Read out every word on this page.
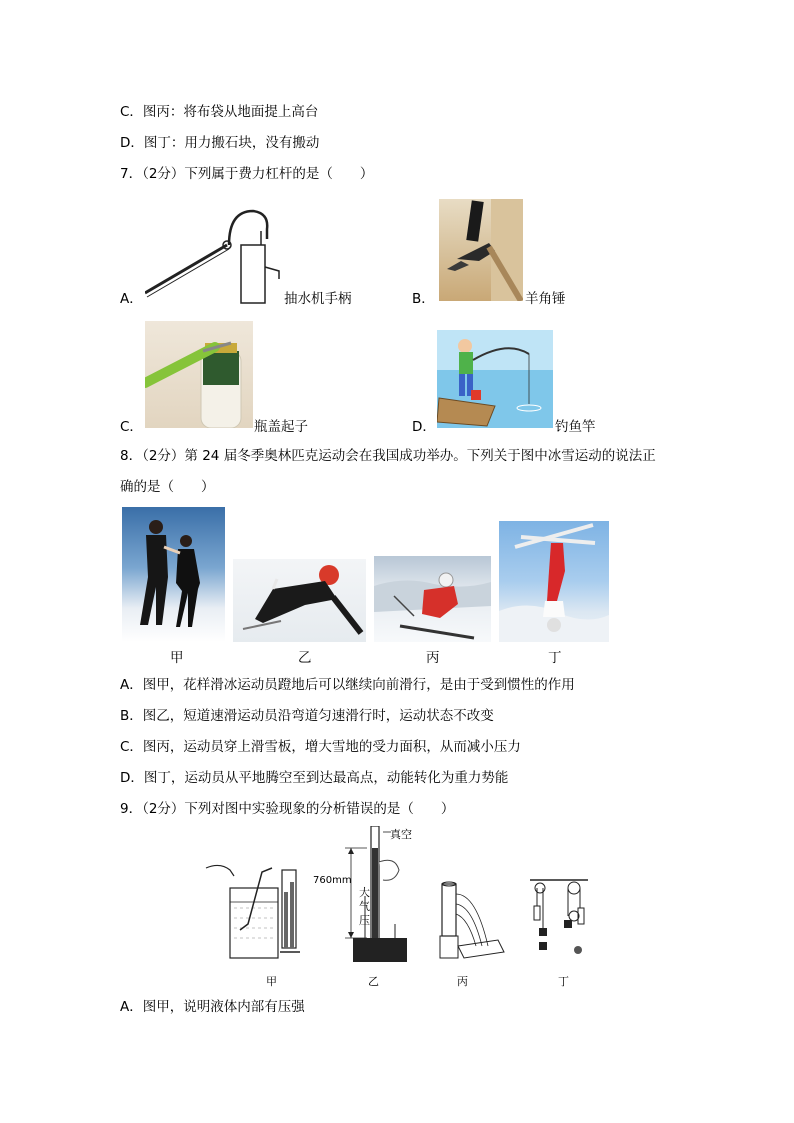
C．图丙：将布袋从地面提上高台
D．图丁：用力搬石块，没有搬动
7．（2分）下列属于费力杠杆的是（　　）
A．	抽水机手柄	B．	羊角锤
C．	瓶盖起子	D．	钓鱼竿
8．（2分）第 24 届冬季奥林匹克运动会在我国成功举办。下列关于图中冰雪运动的说法正
确的是（　　）
甲	乙	丙	丁
A．图甲，花样滑冰运动员蹬地后可以继续向前滑行，是由于受到惯性的作用
B．图乙，短道速滑运动员沿弯道匀速滑行时，运动状态不改变
C．图丙，运动员穿上滑雪板，增大雪地的受力面积，从而减小压力
D．图丁，运动员从平地腾空至到达最高点，动能转化为重力势能
9．（2分）下列对图中实验现象的分析错误的是（　　）
真空
760mm
大
气
压
甲	乙	丙	丁
A．图甲，说明液体内部有压强
